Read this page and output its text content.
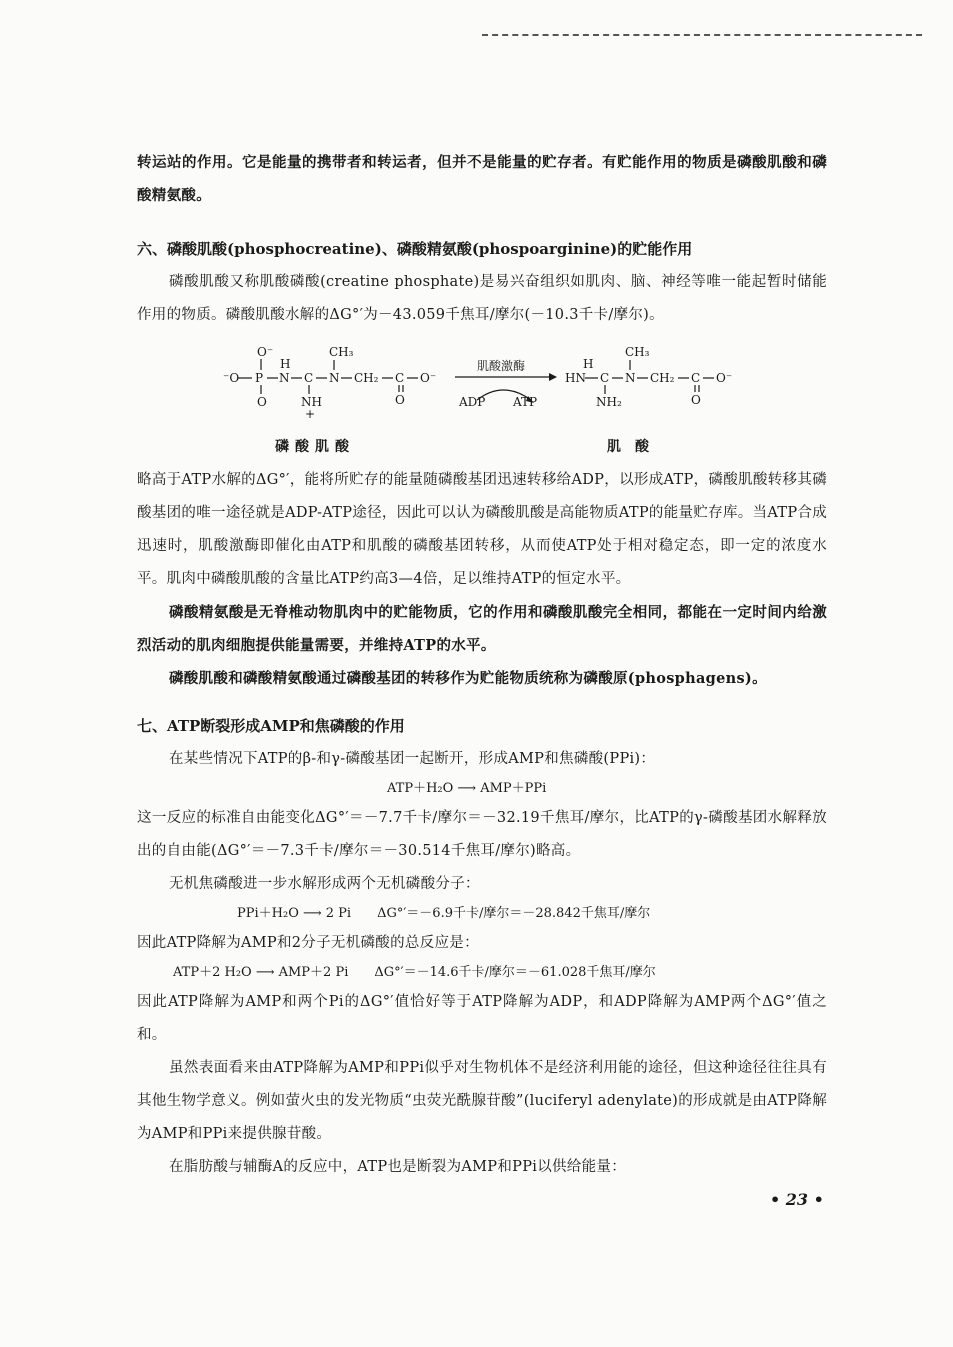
转运站的作用。它是能量的携带者和转运者，但并不是能量的贮存者。有贮能作用的物质是磷酸肌酸和磷酸精氨酸。

六、磷酸肌酸(phosphocreatine)、磷酸精氨酸(phospoarginine)的贮能作用

磷酸肌酸又称肌酸磷酸(creatine phosphate)是易兴奋组织如肌肉、脑、神经等唯一能起暂时储能作用的物质。磷酸肌酸水解的ΔG°′为－43.059千焦耳/摩尔(－10.3千卡/摩尔)。

O⁻
⁻O P
O
H
N C
NH
+
N
CH₃
CH₂ C
O
O⁻
肌酸激酶
ADP ATP
HN
H
C
NH₂
N
CH₃
CH₂ C
O
O⁻
磷酸肌酸	肌酸

略高于ATP水解的ΔG°′，能将所贮存的能量随磷酸基团迅速转移给ADP，以形成ATP，磷酸肌酸转移其磷酸基团的唯一途径就是ADP-ATP途径，因此可以认为磷酸肌酸是高能物质ATP的能量贮存库。当ATP合成迅速时，肌酸激酶即催化由ATP和肌酸的磷酸基团转移，从而使ATP处于相对稳定态，即一定的浓度水平。肌肉中磷酸肌酸的含量比ATP约高3—4倍，足以维持ATP的恒定水平。

磷酸精氨酸是无脊椎动物肌肉中的贮能物质，它的作用和磷酸肌酸完全相同，都能在一定时间内给激烈活动的肌肉细胞提供能量需要，并维持ATP的水平。

磷酸肌酸和磷酸精氨酸通过磷酸基团的转移作为贮能物质统称为磷酸原(phosphagens)。

七、ATP断裂形成AMP和焦磷酸的作用

在某些情况下ATP的β-和γ-磷酸基团一起断开，形成AMP和焦磷酸(PPi)：

ATP＋H₂O ⟶ AMP＋PPi

这一反应的标准自由能变化ΔG°′＝－7.7千卡/摩尔＝－32.19千焦耳/摩尔，比ATP的γ-磷酸基团水解释放出的自由能(ΔG°′＝－7.3千卡/摩尔＝－30.514千焦耳/摩尔)略高。

无机焦磷酸进一步水解形成两个无机磷酸分子：

PPi＋H₂O ⟶ 2 Pi　　ΔG°′＝－6.9千卡/摩尔＝－28.842千焦耳/摩尔

因此ATP降解为AMP和2分子无机磷酸的总反应是：

ATP＋2 H₂O ⟶ AMP＋2 Pi　　ΔG°′＝－14.6千卡/摩尔＝－61.028千焦耳/摩尔

因此ATP降解为AMP和两个Pi的ΔG°′值恰好等于ATP降解为ADP，和ADP降解为AMP两个ΔG°′值之和。

虽然表面看来由ATP降解为AMP和PPi似乎对生物机体不是经济利用能的途径，但这种途径往往具有其他生物学意义。例如萤火虫的发光物质“虫荧光酰腺苷酸”(luciferyl adenylate)的形成就是由ATP降解为AMP和PPi来提供腺苷酸。

在脂肪酸与辅酶A的反应中，ATP也是断裂为AMP和PPi以供给能量：

• 23 •
